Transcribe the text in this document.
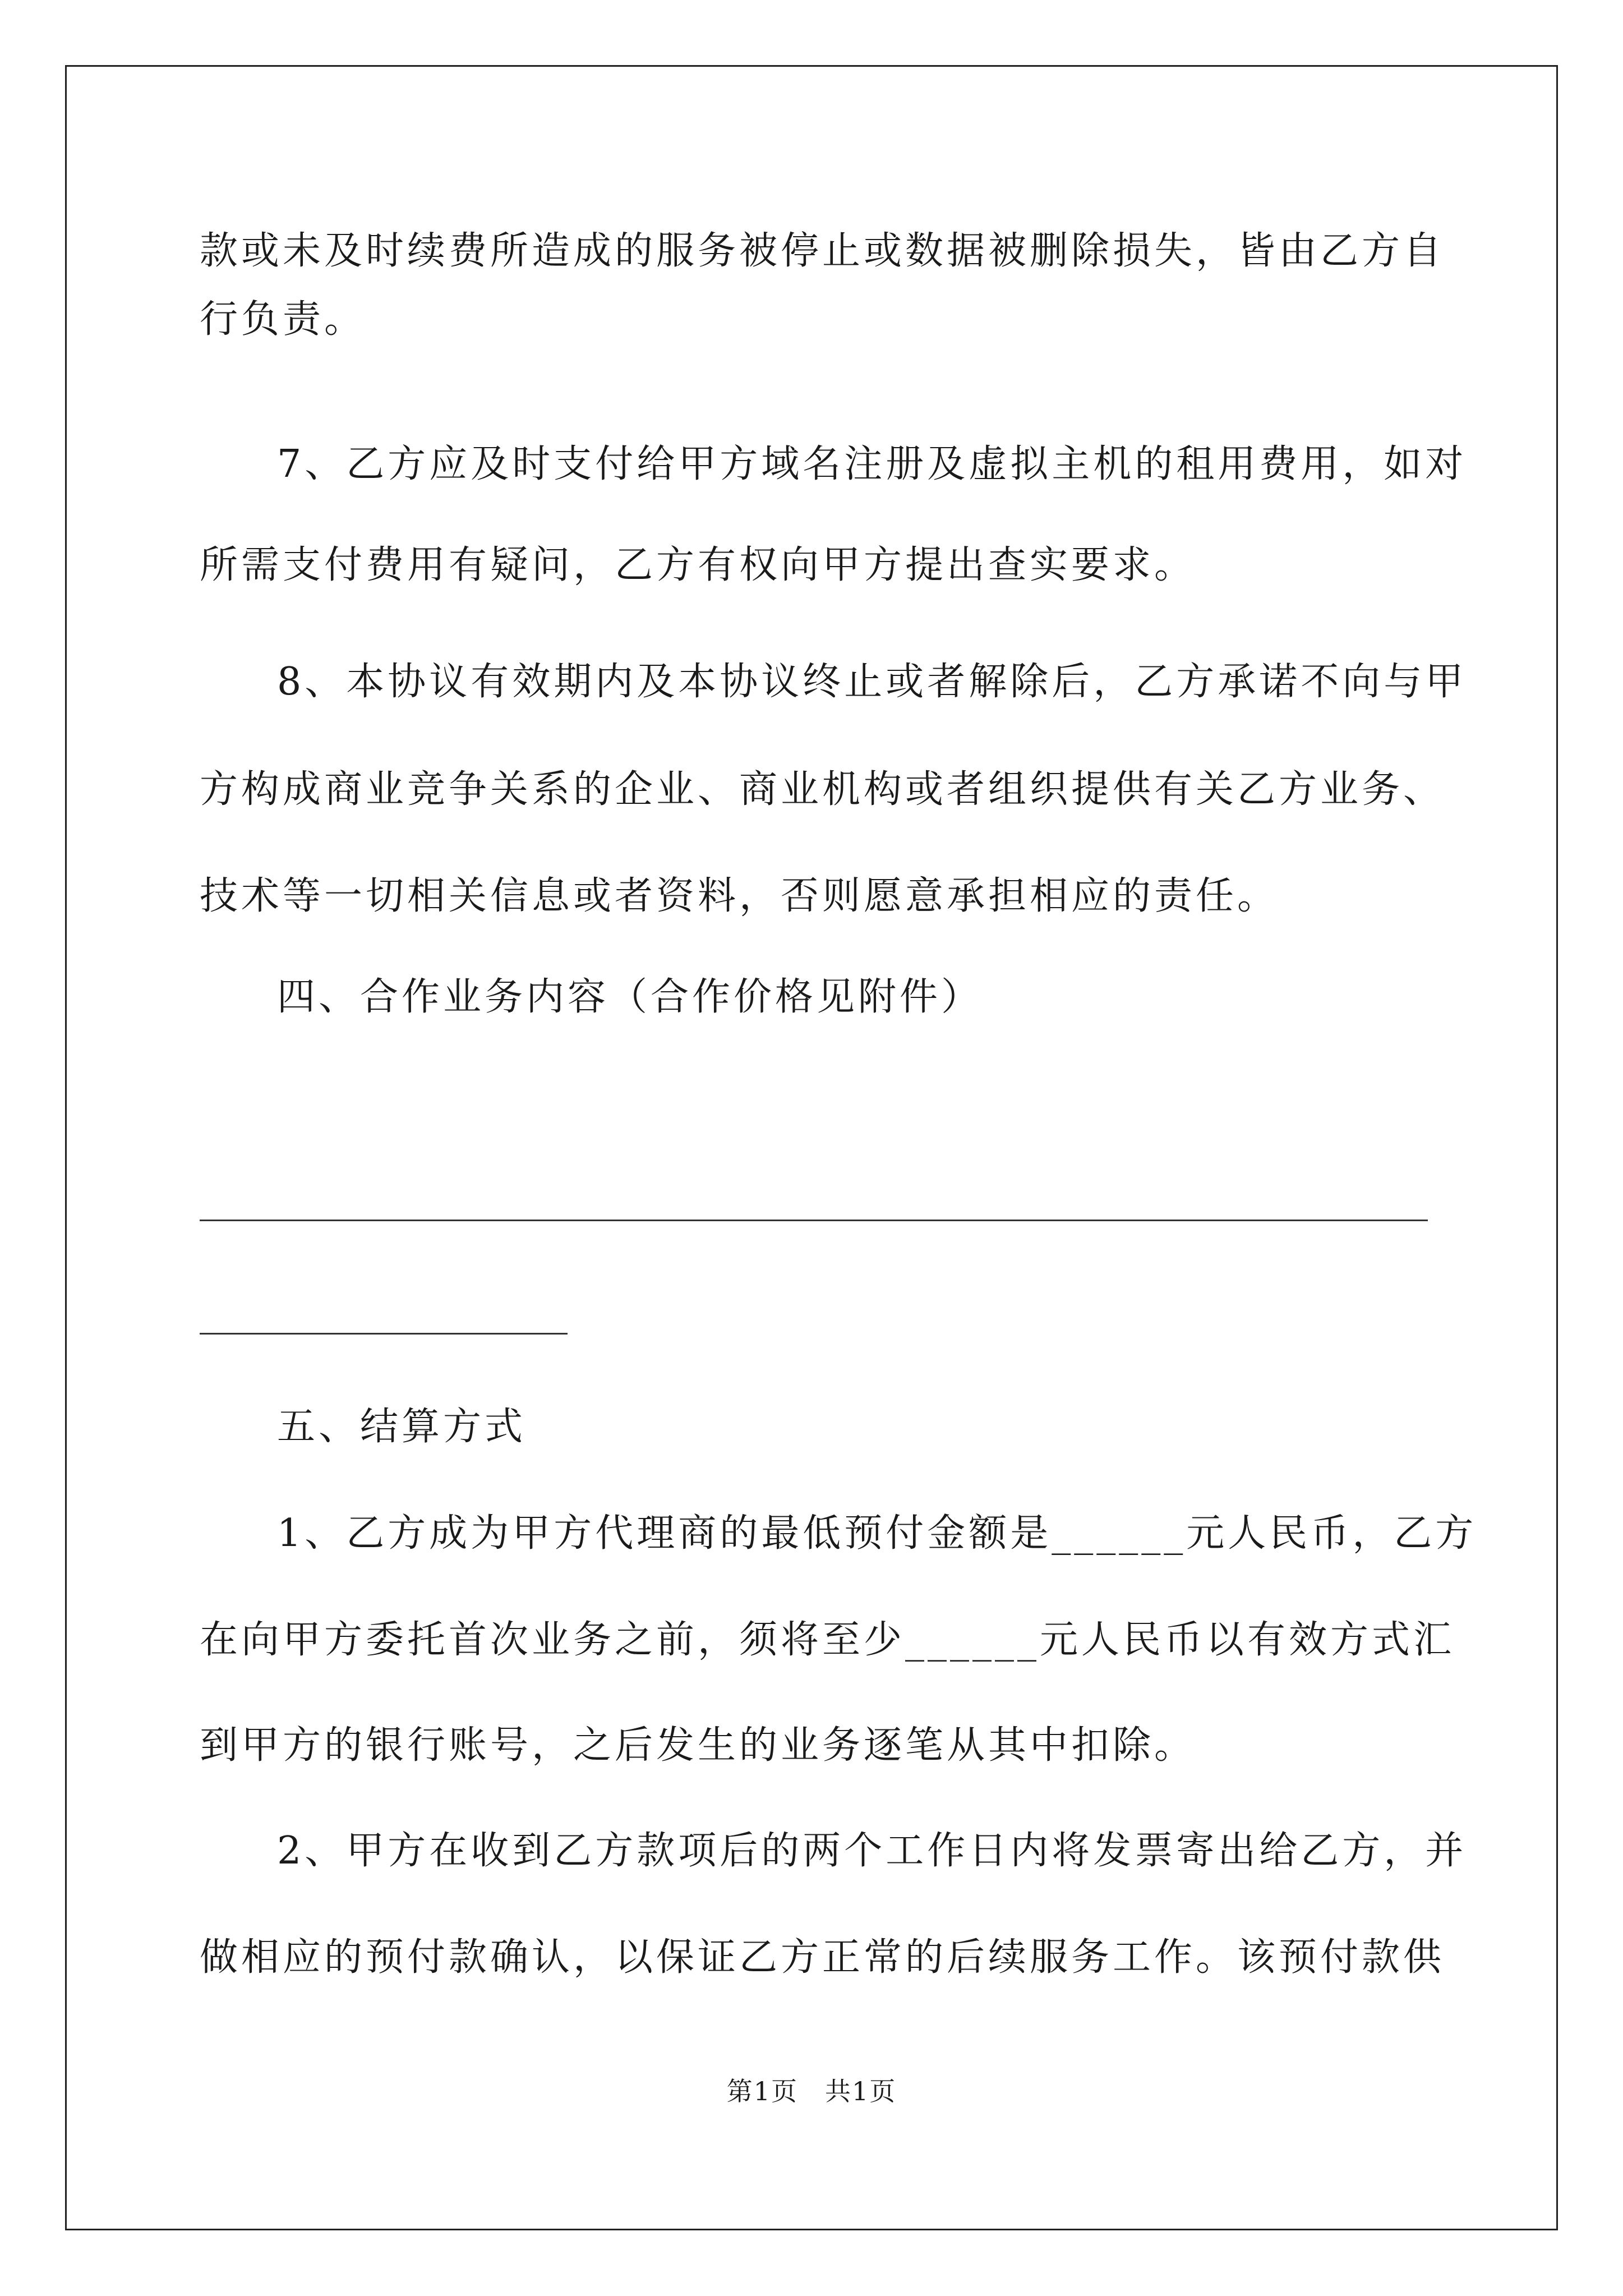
款或未及时续费所造成的服务被停止或数据被删除损失，皆由乙方自
行负责。
7、乙方应及时支付给甲方域名注册及虚拟主机的租用费用，如对
所需支付费用有疑问，乙方有权向甲方提出查实要求。
8、本协议有效期内及本协议终止或者解除后，乙方承诺不向与甲
方构成商业竞争关系的企业、商业机构或者组织提供有关乙方业务、
技术等一切相关信息或者资料，否则愿意承担相应的责任。
四、合作业务内容（合作价格见附件）
五、结算方式
1、乙方成为甲方代理商的最低预付金额是______元人民币，乙方
在向甲方委托首次业务之前，须将至少______元人民币以有效方式汇
到甲方的银行账号，之后发生的业务逐笔从其中扣除。
2、甲方在收到乙方款项后的两个工作日内将发票寄出给乙方，并
做相应的预付款确认，以保证乙方正常的后续服务工作。该预付款供
第1页　共1页
